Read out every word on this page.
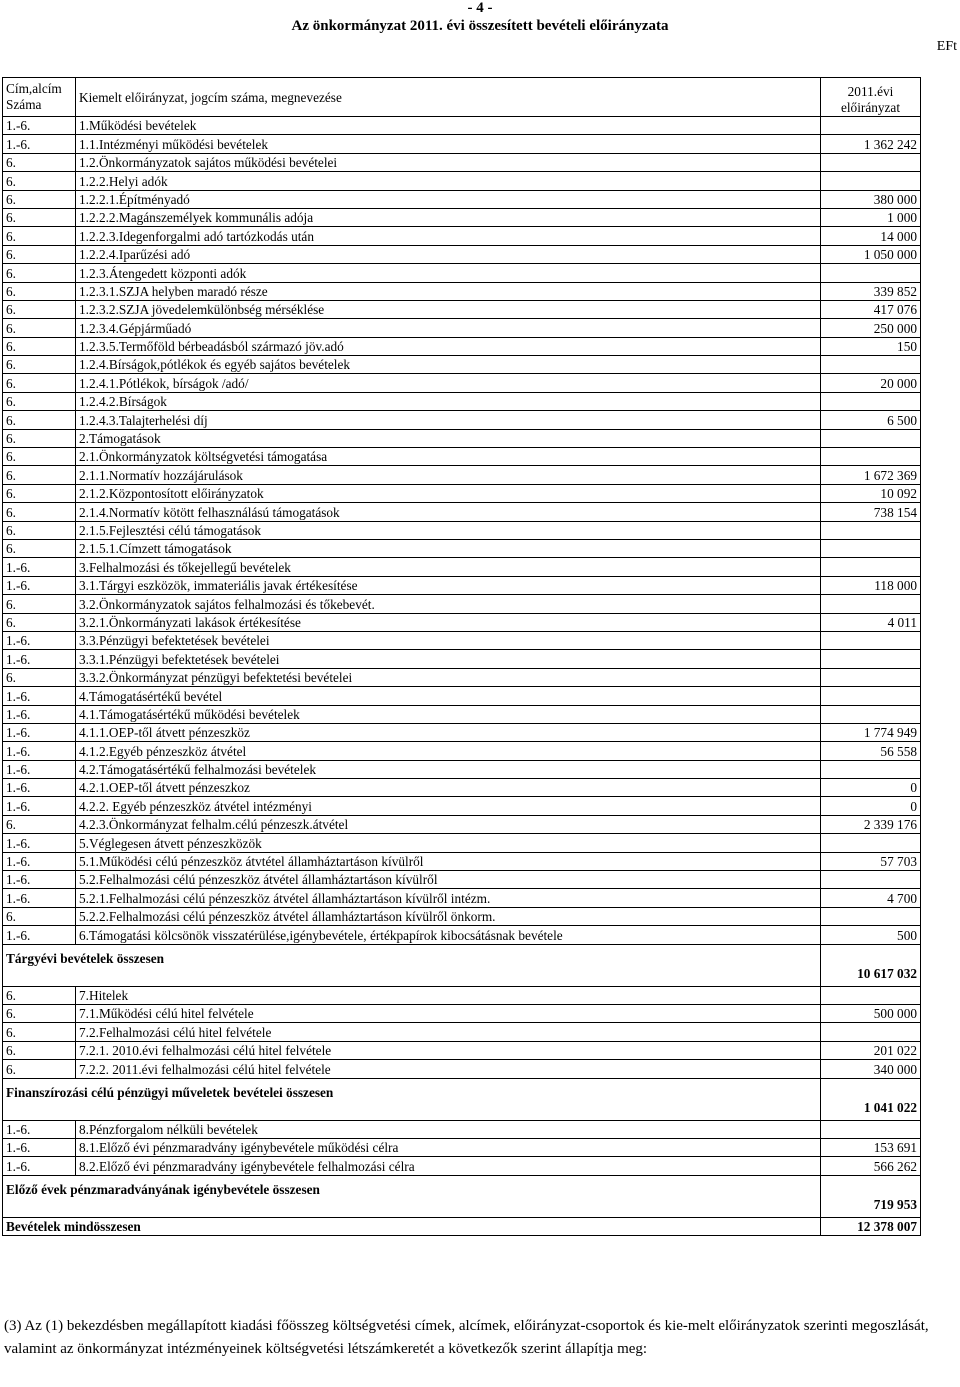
- 4 -
Az önkormányzat 2011. évi összesített bevételi előirányzata
EFt
Cím,alcím Száma	Kiemelt előirányzat, jogcím száma, megnevezése	2011.évi előirányzat
1.-6.	1.Működési bevételek	
1.-6.	1.1.Intézményi működési bevételek	1 362 242
6.	1.2.Önkormányzatok sajátos működési bevételei	
6.	1.2.2.Helyi adók	
6.	1.2.2.1.Építményadó	380 000
6.	1.2.2.2.Magánszemélyek kommunális adója	1 000
6.	1.2.2.3.Idegenforgalmi adó tartózkodás után	14 000
6.	1.2.2.4.Iparűzési adó	1 050 000
6.	1.2.3.Átengedett központi adók	
6.	1.2.3.1.SZJA helyben maradó része	339 852
6.	1.2.3.2.SZJA jövedelemkülönbség mérséklése	417 076
6.	1.2.3.4.Gépjárműadó	250 000
6.	1.2.3.5.Termőföld bérbeadásból származó jöv.adó	150
6.	1.2.4.Bírságok,pótlékok és egyéb sajátos bevételek	
6.	1.2.4.1.Pótlékok, bírságok /adó/	20 000
6.	1.2.4.2.Bírságok	
6.	1.2.4.3.Talajterhelési díj	6 500
6.	2.Támogatások	
6.	2.1.Önkormányzatok költségvetési támogatása	
6.	2.1.1.Normatív hozzájárulások	1 672 369
6.	2.1.2.Központosított előirányzatok	10 092
6.	2.1.4.Normatív kötött felhasználású támogatások	738 154
6.	2.1.5.Fejlesztési célú támogatások	
6.	2.1.5.1.Címzett támogatások	
1.-6.	3.Felhalmozási és tőkejellegű bevételek	
1.-6.	3.1.Tárgyi eszközök, immateriális javak értékesítése	118 000
6.	3.2.Önkormányzatok sajátos felhalmozási és tőkebevét.	
6.	3.2.1.Önkormányzati lakások értékesítése	4 011
1.-6.	3.3.Pénzügyi befektetések bevételei	
1.-6.	3.3.1.Pénzügyi befektetések bevételei	
6.	3.3.2.Önkormányzat pénzügyi befektetési bevételei	
1.-6.	4.Támogatásértékű bevétel	
1.-6.	4.1.Támogatásértékű működési bevételek	
1.-6.	4.1.1.OEP-től átvett pénzeszköz	1 774 949
1.-6.	4.1.2.Egyéb pénzeszköz átvétel	56 558
1.-6.	4.2.Támogatásértékű felhalmozási bevételek	
1.-6.	4.2.1.OEP-től átvett pénzeszkoz	0
1.-6.	4.2.2. Egyéb pénzeszköz átvétel intézményi	0
6.	4.2.3.Önkormányzat felhalm.célú pénzeszk.átvétel	2 339 176
1.-6.	5.Véglegesen átvett pénzeszközök	
1.-6.	5.1.Működési célú pénzeszköz átvtétel államháztartáson kívülről	57 703
1.-6.	5.2.Felhalmozási célú pénzeszköz átvétel államháztartáson kívülről	
1.-6.	5.2.1.Felhalmozási célú pénzeszköz átvétel államháztartáson kívülről intézm.	4 700
6.	5.2.2.Felhalmozási célú pénzeszköz átvétel államháztartáson kívülről önkorm.	
1.-6.	6.Támogatási kölcsönök visszatérülése,igénybevétele, értékpapírok kibocsátásnak bevétele	500
Tárgyévi bevételek összesen		10 617 032
6.	7.Hitelek	
6.	7.1.Működési célú hitel felvétele	500 000
6.	7.2.Felhalmozási célú hitel felvétele	
6.	7.2.1. 2010.évi felhalmozási célú hitel felvétele	201 022
6.	7.2.2. 2011.évi felhalmozási célú hitel felvétele	340 000
Finanszírozási célú pénzügyi műveletek bevételei összesen		1 041 022
1.-6.	8.Pénzforgalom nélküli bevételek	
1.-6.	8.1.Előző évi pénzmaradvány igénybevétele működési célra	153 691
1.-6.	8.2.Előző évi pénzmaradvány igénybevétele felhalmozási célra	566 262
Előző évek pénzmaradványának igénybevétele összesen		719 953
Bevételek mindösszesen		12 378 007
(3) Az (1) bekezdésben megállapított kiadási főösszeg költségvetési címek, alcímek, előirányzat-csoportok és kie-melt előirányzatok szerinti megoszlását, valamint az önkormányzat intézményeinek költségvetési létszámkeretét a következők szerint állapítja meg:
